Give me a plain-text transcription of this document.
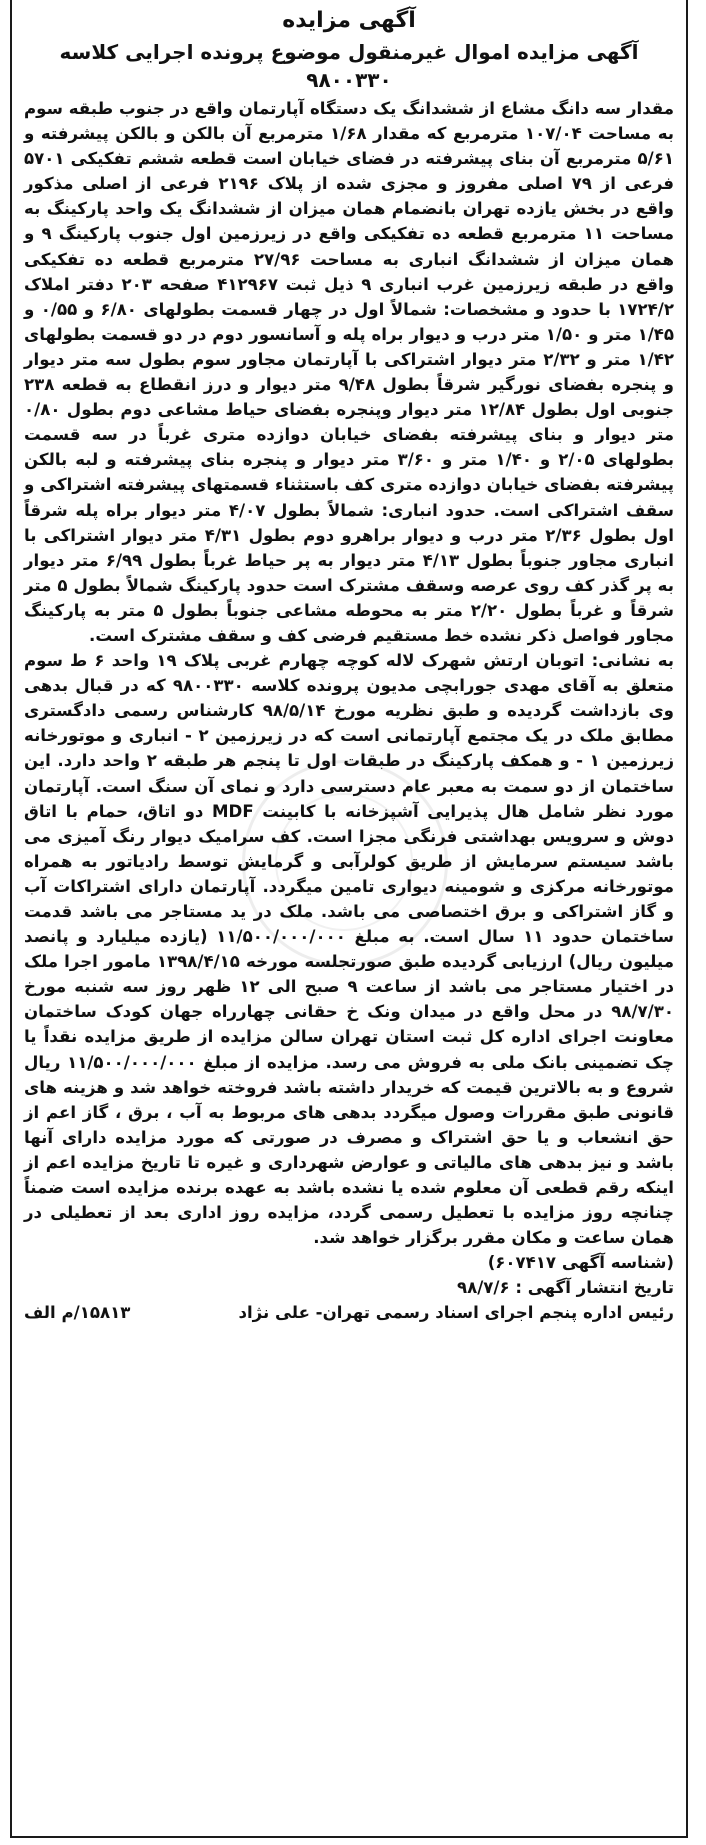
آگهی مزایده
آگهی مزایده اموال غیرمنقول موضوع پرونده اجرایی کلاسه ۹۸۰۰۳۳۰

مقدار سه دانگ مشاع از ششدانگ یک دستگاه آپارتمان واقع در جنوب طبقه سوم به مساحت ۱۰۷/۰۴ مترمربع که مقدار ۱/۶۸ مترمربع آن بالکن و بالکن پیشرفته و ۵/۶۱ مترمربع آن بنای پیشرفته در فضای خیابان است قطعه ششم تفکیکی ۵۷۰۱ فرعی از ۷۹ اصلی مفروز و مجزی شده از پلاک ۲۱۹۶ فرعی از اصلی مذکور واقع در بخش یازده تهران بانضمام همان میزان از ششدانگ یک واحد پارکینگ به مساحت ۱۱ مترمربع قطعه ده تفکیکی واقع در زیرزمین اول جنوب پارکینگ ۹ و همان میزان از ششدانگ انباری به مساحت ۲۷/۹۶ مترمربع قطعه ده تفکیکی واقع در طبقه زیرزمین غرب انباری ۹ ذیل ثبت ۴۱۲۹۶۷ صفحه ۲۰۳ دفتر املاک ۱۷۲۴/۲ با حدود و مشخصات: شمالاً اول در چهار قسمت بطولهای ۶/۸۰ و ۰/۵۵ و ۱/۴۵ متر و ۱/۵۰ متر درب و دیوار براه پله و آسانسور دوم در دو قسمت بطولهای ۱/۴۲ متر و ۲/۳۲ متر دیوار اشتراکی با آپارتمان مجاور سوم بطول سه متر دیوار و پنجره بفضای نورگیر شرقاً بطول ۹/۴۸ متر دیوار و درز انقطاع به قطعه ۲۳۸ جنوبی اول بطول ۱۲/۸۴ متر دیوار وپنجره بفضای حیاط مشاعی دوم بطول ۰/۸۰ متر دیوار و بنای پیشرفته بفضای خیابان دوازده متری غرباً در سه قسمت بطولهای ۲/۰۵ و ۱/۴۰ متر و ۳/۶۰ متر دیوار و پنجره بنای پیشرفته و لبه بالکن پیشرفته بفضای خیابان دوازده متری کف باستثناء قسمتهای پیشرفته اشتراکی و سقف اشتراکی است. حدود انباری: شمالاً بطول ۴/۰۷ متر دیوار براه پله شرقاً اول بطول ۲/۳۶ متر درب و دیوار براهرو دوم بطول ۴/۳۱ متر دیوار اشتراکی با انباری مجاور جنوباً بطول ۴/۱۳ متر دیوار به پر حیاط غرباً بطول ۶/۹۹ متر دیوار به پر گذر کف روی عرصه وسقف مشترک است حدود پارکینگ شمالاً بطول ۵ متر شرقاً و غرباً بطول ۲/۲۰ متر به محوطه مشاعی جنوباً بطول ۵ متر به پارکینگ مجاور فواصل ذکر نشده خط مستقیم فرضی کف و سقف مشترک است.

به نشانی: اتوبان ارتش شهرک لاله کوچه چهارم غربی پلاک ۱۹ واحد ۶ ط سوم متعلق به آقای مهدی جورابچی مدیون پرونده کلاسه ۹۸۰۰۳۳۰ که در قبال بدهی وی بازداشت گردیده و طبق نظریه مورخ ۹۸/۵/۱۴ کارشناس رسمی دادگستری مطابق ملک در یک مجتمع آپارتمانی است که در زیرزمین ۲ - انباری و موتورخانه زیرزمین ۱ - و همکف پارکینگ در طبقات اول تا پنجم هر طبقه ۲ واحد دارد. این ساختمان از دو سمت به معبر عام دسترسی دارد و نمای آن سنگ است. آپارتمان مورد نظر شامل هال پذیرایی آشپزخانه با کابینت MDF دو اتاق، حمام با اتاق دوش و سرویس بهداشتی فرنگی مجزا است. کف سرامیک دیوار رنگ آمیزی می باشد سیستم سرمایش از طریق کولرآبی و گرمایش توسط رادیاتور به همراه موتورخانه مرکزی و شومینه دیواری تامین میگردد. آپارتمان دارای اشتراکات آب و گاز اشتراکی و برق اختصاصی می باشد. ملک در ید مستاجر می باشد قدمت ساختمان حدود ۱۱ سال است. به مبلغ ۱۱/۵۰۰/۰۰۰/۰۰۰ (یازده میلیارد و پانصد میلیون ریال) ارزیابی گردیده طبق صورتجلسه مورخه ۱۳۹۸/۴/۱۵ مامور اجرا ملک در اختیار مستاجر می باشد از ساعت ۹ صبح الی ۱۲ ظهر روز سه شنبه مورخ ۹۸/۷/۳۰ در محل واقع در میدان ونک خ حقانی چهارراه جهان کودک ساختمان معاونت اجرای اداره کل ثبت استان تهران سالن مزایده از طریق مزایده نقداً یا چک تضمینی بانک ملی به فروش می رسد. مزایده از مبلغ ۱۱/۵۰۰/۰۰۰/۰۰۰ ریال شروع و به بالاترین قیمت که خریدار داشته باشد فروخته خواهد شد و هزینه های قانونی طبق مقررات وصول میگردد بدهی های مربوط به آب ، برق ، گاز اعم از حق انشعاب و یا حق اشتراک و مصرف در صورتی که مورد مزایده دارای آنها باشد و نیز بدهی های مالیاتی و عوارض شهرداری و غیره تا تاریخ مزایده اعم از اینکه رقم قطعی آن معلوم شده یا نشده باشد به عهده برنده مزایده است ضمناً چنانچه روز مزایده با تعطیل رسمی گردد، مزایده روز اداری بعد از تعطیلی در همان ساعت و مکان مقرر برگزار خواهد شد.

(شناسه آگهی ۶۰۷۴۱۷)
تاریخ انتشار آگهی : ۹۸/۷/۶
رئیس اداره پنجم اجرای اسناد رسمی تهران- علی نژاد
۱۵۸۱۳/م الف
